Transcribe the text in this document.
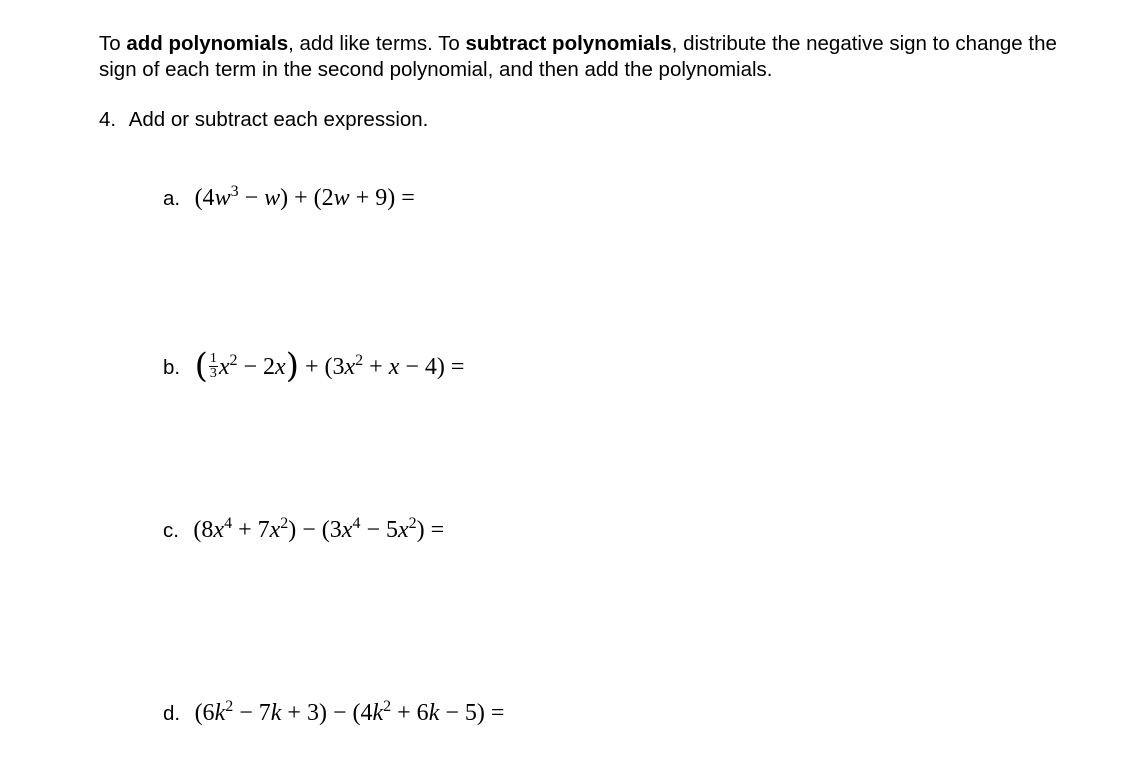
To add polynomials, add like terms. To subtract polynomials, distribute the negative sign to change the sign of each term in the second polynomial, and then add the polynomials.
4. Add or subtract each expression.
a. $(4w^3 - w) + (2w + 9)$ =
b. ( $\frac{1}{3} x^2 - 2x) + (3x^2 + x - 4)$ =
c. $(8x^4 + 7x^2) - (3x^4 - 5x^2)$ =
d. $(6k^2 - 7k + 3) - (4k^2 + 6k - 5)$ =
